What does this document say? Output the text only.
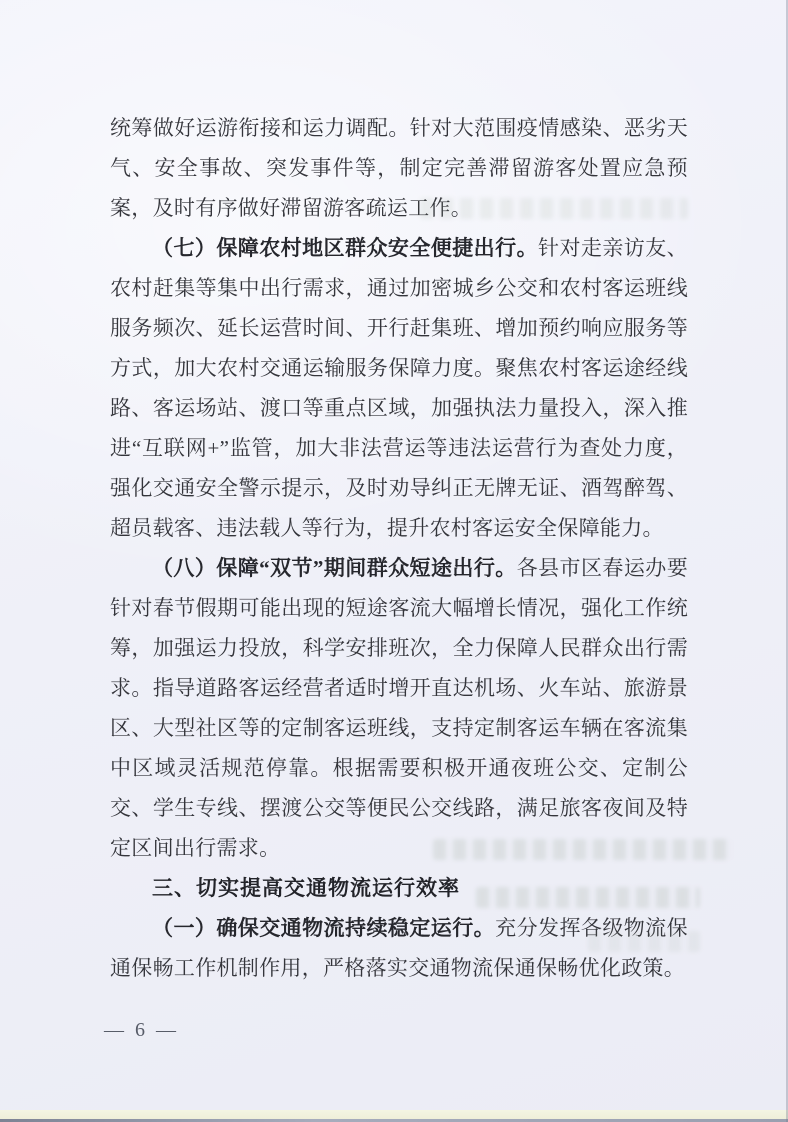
统筹做好运游衔接和运力调配。针对大范围疫情感染、恶劣天气、安全事故、突发事件等，制定完善滞留游客处置应急预案，及时有序做好滞留游客疏运工作。

（七）保障农村地区群众安全便捷出行。针对走亲访友、农村赶集等集中出行需求，通过加密城乡公交和农村客运班线服务频次、延长运营时间、开行赶集班、增加预约响应服务等方式，加大农村交通运输服务保障力度。聚焦农村客运途经线路、客运场站、渡口等重点区域，加强执法力量投入，深入推进“互联网+”监管，加大非法营运等违法运营行为查处力度，强化交通安全警示提示，及时劝导纠正无牌无证、酒驾醉驾、超员载客、违法载人等行为，提升农村客运安全保障能力。

（八）保障“双节”期间群众短途出行。各县市区春运办要针对春节假期可能出现的短途客流大幅增长情况，强化工作统筹，加强运力投放，科学安排班次，全力保障人民群众出行需求。指导道路客运经营者适时增开直达机场、火车站、旅游景区、大型社区等的定制客运班线，支持定制客运车辆在客流集中区域灵活规范停靠。根据需要积极开通夜班公交、定制公交、学生专线、摆渡公交等便民公交线路，满足旅客夜间及特定区间出行需求。

三、切实提高交通物流运行效率

（一）确保交通物流持续稳定运行。充分发挥各级物流保通保畅工作机制作用，严格落实交通物流保通保畅优化政策。

— 6 —
